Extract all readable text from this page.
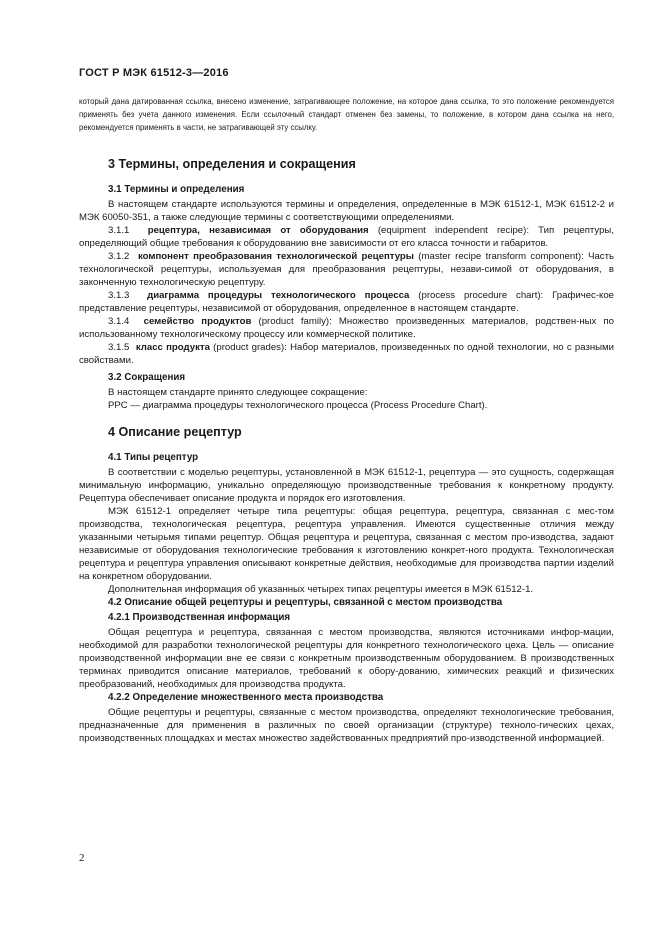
ГОСТ Р МЭК 61512-3—2016
который дана датированная ссылка, внесено изменение, затрагивающее положение, на которое дана ссылка, то это положение рекомендуется применять без учета данного изменения. Если ссылочный стандарт отменен без замены, то положение, в котором дана ссылка на него, рекомендуется применять в части, не затрагивающей эту ссылку.
3 Термины, определения и сокращения
3.1 Термины и определения

В настоящем стандарте используются термины и определения, определенные в МЭК 61512-1, МЭК 61512-2 и МЭК 60050-351, а также следующие термины с соответствующими определениями.

3.1.1 рецептура, независимая от оборудования (equipment independent recipe): Тип рецептуры, определяющий общие требования к оборудованию вне зависимости от его класса точности и габаритов.

3.1.2 компонент преобразования технологической рецептуры (master recipe transform component): Часть технологической рецептуры, используемая для преобразования рецептуры, незави-симой от оборудования, в законченную технологическую рецептуру.

3.1.3 диаграмма процедуры технологического процесса (process procedure chart): Графичес-кое представление рецептуры, независимой от оборудования, определенное в настоящем стандарте.

3.1.4 семейство продуктов (product family): Множество произведенных материалов, родствен-ных по использованному технологическому процессу или коммерческой политике.

3.1.5 класс продукта (product grades): Набор материалов, произведенных по одной технологии, но с разными свойствами.

3.2 Сокращения

В настоящем стандарте принято следующее сокращение:

PPC — диаграмма процедуры технологического процесса (Process Procedure Chart).

4 Описание рецептур
4.1 Типы рецептур

В соответствии с моделью рецептуры, установленной в МЭК 61512-1, рецептура — это сущность, содержащая минимальную информацию, уникально определяющую производственные требования к конкретному продукту. Рецептура обеспечивает описание продукта и порядок его изготовления.

МЭК 61512-1 определяет четыре типа рецептуры: общая рецептура, рецептура, связанная с мес-том производства, технологическая рецептура, рецептура управления. Имеются существенные отличия между указанными четырьмя типами рецептур. Общая рецептура и рецептура, связанная с местом про-изводства, задают независимые от оборудования технологические требования к изготовлению конкрет-ного продукта. Технологическая рецептура и рецептура управления описывают конкретные действия, необходимые для производства партии изделий на конкретном оборудовании.

Дополнительная информация об указанных четырех типах рецептуры имеется в МЭК 61512-1.

4.2 Описание общей рецептуры и рецептуры, связанной с местом производства
4.2.1 Производственная информация

Общая рецептура и рецептура, связанная с местом производства, являются источниками инфор-мации, необходимой для разработки технологической рецептуры для конкретного технологического цеха. Цель — описание производственной информации вне ее связи с конкретным производственным оборудованием. В производственных терминах приводится описание материалов, требований к обору-дованию, химических реакций и физических преобразований, необходимых для производства продукта.

4.2.2 Определение множественного места производства

Общие рецептуры и рецептуры, связанные с местом производства, определяют технологические требования, предназначенные для применения в различных по своей организации (структуре) техноло-гических цехах, производственных площадках и местах множество задействованных предприятий про-изводственной информацией.

2
